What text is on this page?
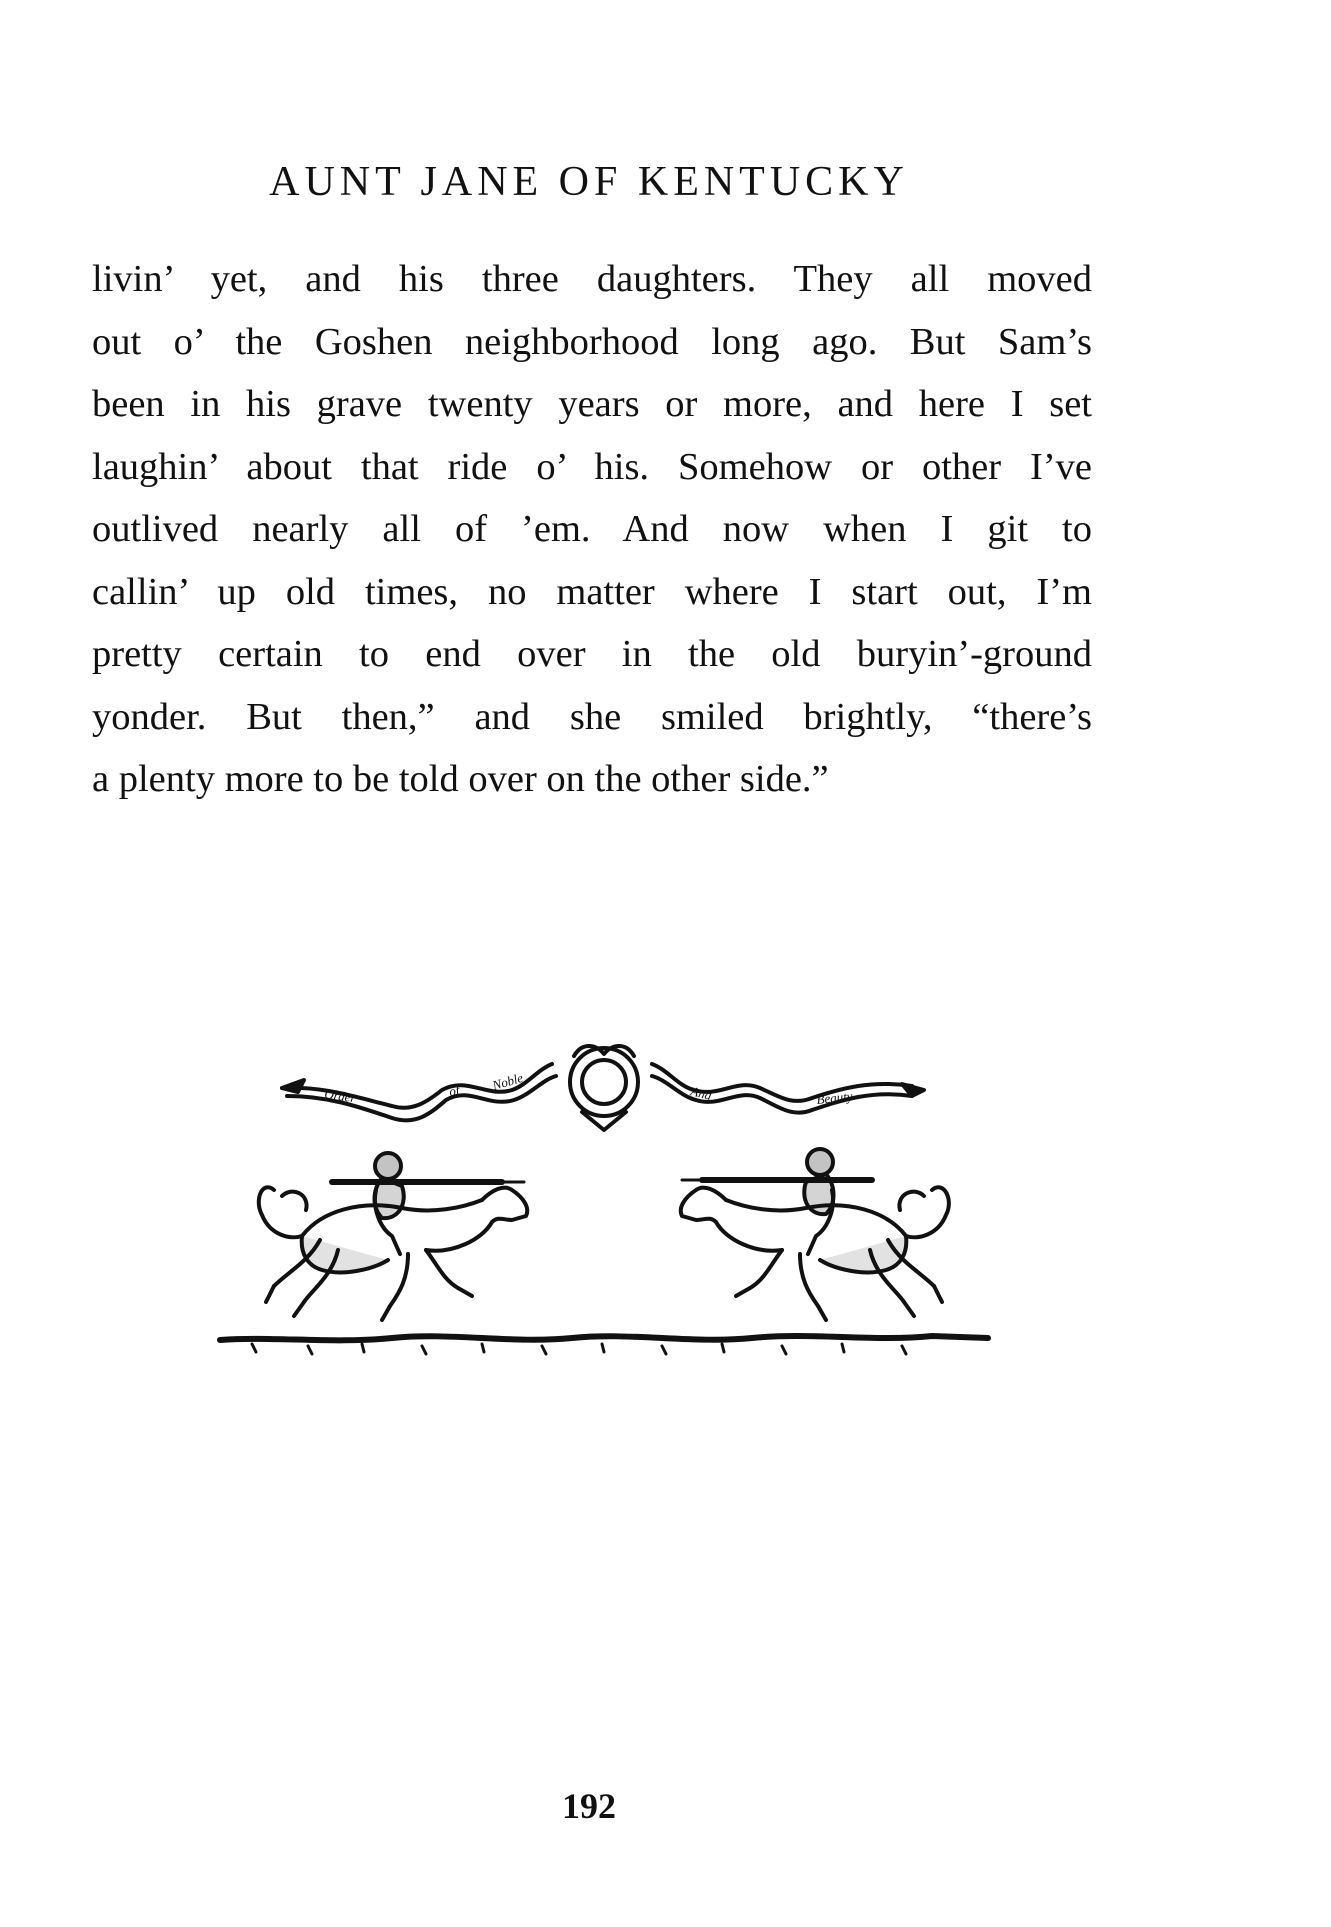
AUNT JANE OF KENTUCKY
livin’ yet, and his three daughters. They all moved
out o’ the Goshen neighborhood long ago. But Sam’s
been in his grave twenty years or more, and here I set
laughin’ about that ride o’ his. Somehow or other I’ve
outlived nearly all of ’em. And now when I git to
callin’ up old times, no matter where I start out, I’m
pretty certain to end over in the old buryin’-ground
yonder. But then,” and she smiled brightly, “there’s
a plenty more to be told over on the other side.”
Order	of Noble
And	Beauty
192
